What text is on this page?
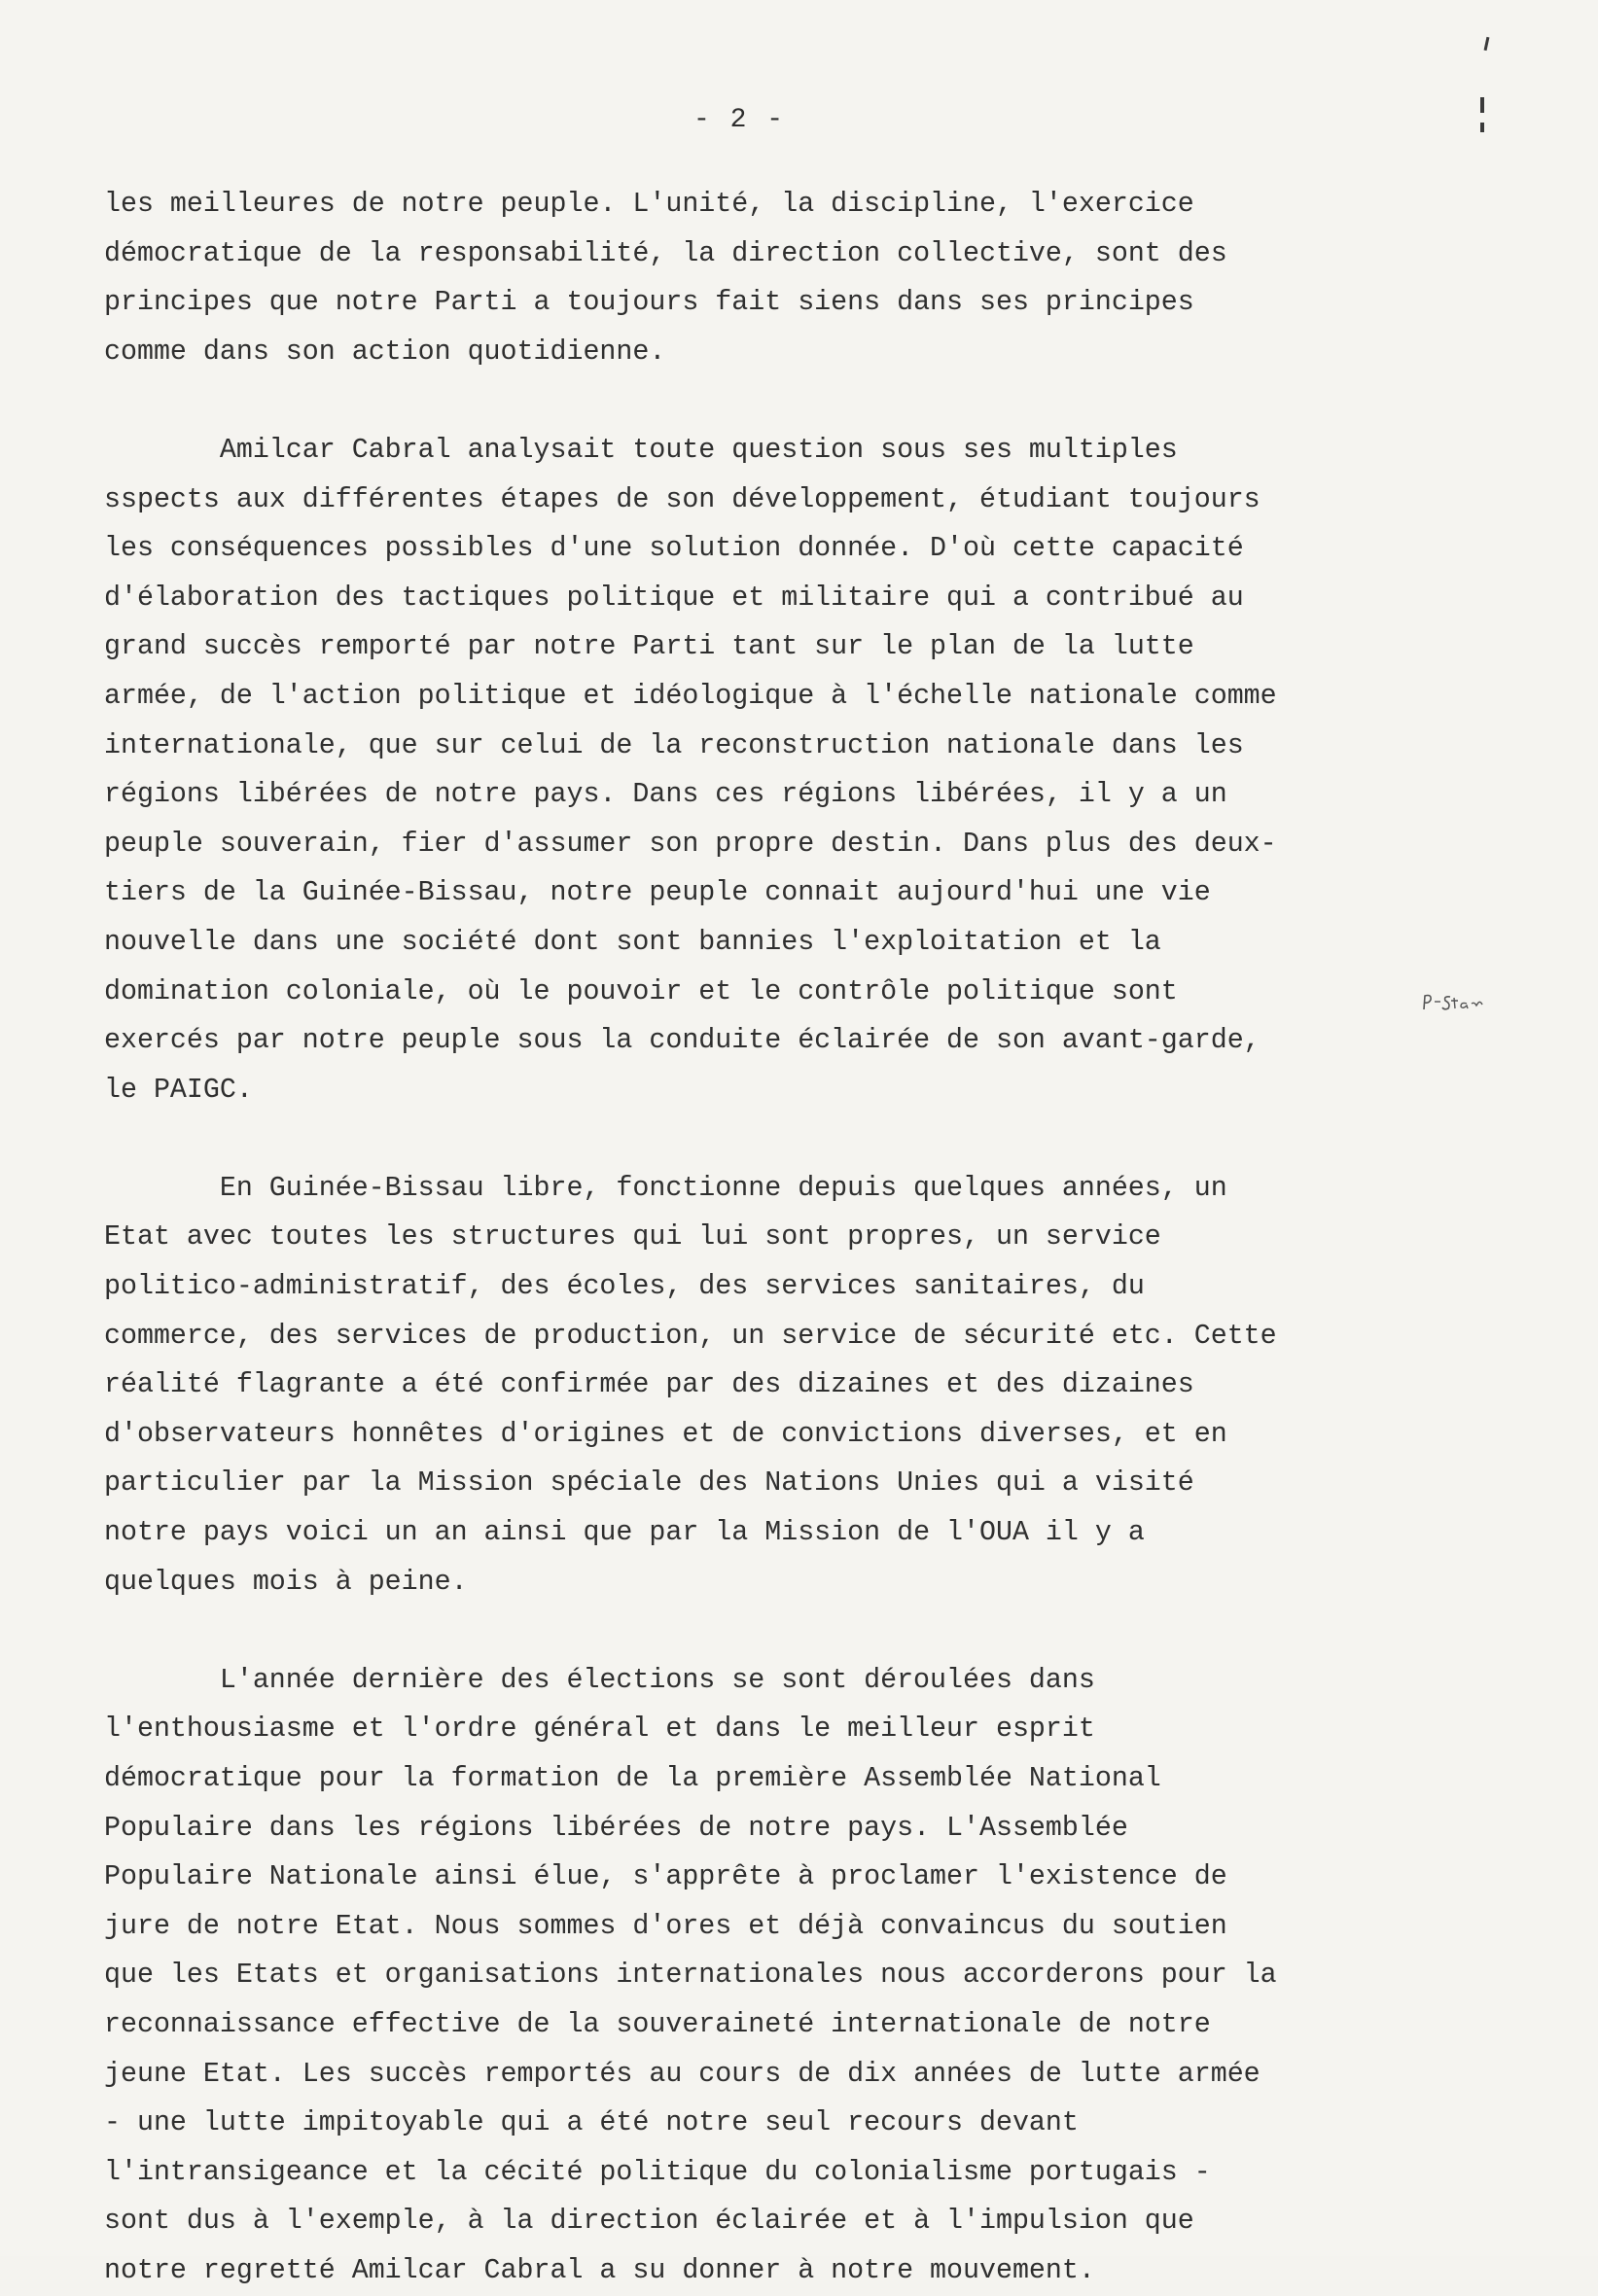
- 2 -

les meilleures de notre peuple. L'unité, la discipline, l'exercice démocratique de la responsabilité, la direction collective, sont des principes que notre Parti a toujours fait siens dans ses principes comme dans son action quotidienne.

Amilcar Cabral analysait toute question sous ses multiples sspects aux différentes étapes de son développement, étudiant toujours les conséquences possibles d'une solution donnée. D'où cette capacité d'élaboration des tactiques politique et militaire qui a contribué au grand succès remporté par notre Parti tant sur le plan de la lutte armée, de l'action politique et idéologique à l'échelle nationale comme internationale, que sur celui de la reconstruction nationale dans les régions libérées de notre pays. Dans ces régions libérées, il y a un peuple souverain, fier d'assumer son propre destin. Dans plus des deux-tiers de la Guinée-Bissau, notre peuple connait aujourd'hui une vie nouvelle dans une société dont sont bannies l'exploitation et la domination coloniale, où le pouvoir et le contrôle politique sont exercés par notre peuple sous la conduite éclairée de son avant-garde, le PAIGC.

En Guinée-Bissau libre, fonctionne depuis quelques années, un Etat avec toutes les structures qui lui sont propres, un service politico-administratif, des écoles, des services sanitaires, du commerce, des services de production, un service de sécurité etc. Cette réalité flagrante a été confirmée par des dizaines et des dizaines d'observateurs honnêtes d'origines et de convictions diverses, et en particulier par la Mission spéciale des Nations Unies qui a visité notre pays voici un an ainsi que par la Mission de l'OUA il y a quelques mois à peine.

L'année dernière des élections se sont déroulées dans l'enthousiasme et l'ordre général et dans le meilleur esprit démocratique pour la formation de la première Assemblée National Populaire dans les régions libérées de notre pays. L'Assemblée Populaire Nationale ainsi élue, s'apprête à proclamer l'existence de jure de notre Etat. Nous sommes d'ores et déjà convaincus du soutien que les Etats et organisations internationales nous accorderons pour la reconnaissance effective de la souveraineté internationale de notre jeune Etat. Les succès remportés au cours de dix années de lutte armée - une lutte impitoyable qui a été notre seul recours devant l'intransigeance et la cécité politique du colonialisme portugais - sont dus à l'exemple, à la direction éclairée et à l'impulsion que notre regretté Amilcar Cabral a su donner à notre mouvement.
